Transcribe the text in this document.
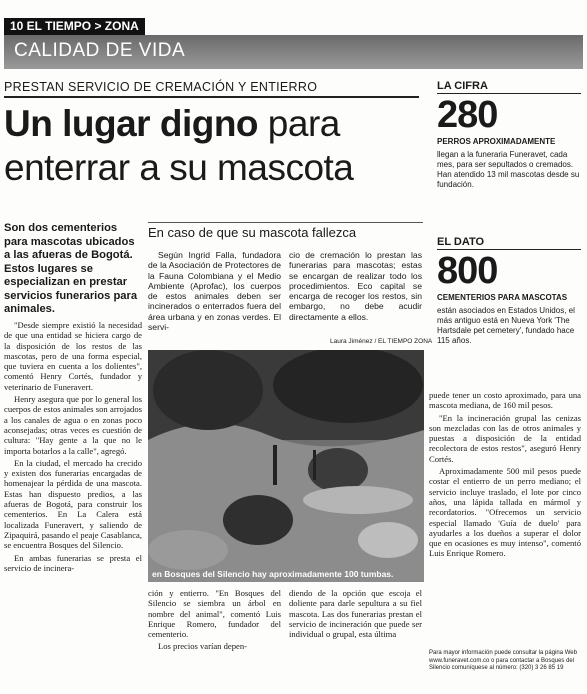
10 EL TIEMPO > ZONA
CALIDAD DE VIDA
PRESTAN SERVICIO DE CREMACIÓN Y ENTIERRO
Un lugar digno para
enterrar a su mascota
Son dos cementerios para mascotas ubicados a las afueras de Bogotá. Estos lugares se especializan en prestar servicios funerarios para animales.
En caso de que su mascota fallezca

"Desde siempre existió la necesidad de que una entidad se hiciera cargo de la disposición de los restos de las mascotas, pero de una forma especial, que tuviera en cuenta a los dolientes", comentó Henry Cortés, fundador y veterinario de Funeravert.

Henry asegura que por lo general los cuerpos de estos animales son arrojados a los canales de agua o en zonas poco aconsejadas; otras veces es cuestión de cultura: "Hay gente a la que no le importa botarlos a la calle", agregó.

En la ciudad, el mercado ha crecido y existen dos funerarias encargadas de homenajear la pérdida de una mascota. Estas han dispuesto predios, a las afueras de Bogotá, para construir los cementerios. En La Calera está localizada Funeravert, y saliendo de Zipaquirá, pasando el peaje Casablanca, se encuentra Bosques del Silencio.

En ambas funerarias se presta el servicio de incinera-

Según Ingrid Falla, fundadora de la Asociación de Protectores de la Fauna Colombiana y el Medio Ambiente (Aprofac), los cuerpos de estos animales deben ser incinerados o enterrados fuera del área urbana y en zonas verdes. El servi-

cio de cremación lo prestan las funerarias para mascotas; estas se encargan de realizar todo los procedimientos. Eco capital se encarga de recoger los restos, sin embargo, no debe acudir directamente a ellos.

Laura Jiménez / EL TIEMPO ZONA
en Bosques del Silencio hay aproximadamente 100 tumbas.

ción y entierro. "En Bosques del Silencio se siembra un árbol en nombre del animal", comentó Luis Enrique Romero, fundador del cementerio.

Los precios varían depen-

diendo de la opción que escoja el doliente para darle sepultura a su fiel mascota. Las dos funerarias prestan el servicio de incineración que puede ser individual o grupal, esta última

LA CIFRA
280
PERROS APROXIMADAMENTE
llegan a la funeraria Funeravet, cada mes, para ser sepultados o cremados. Han atendido 13 mil mascotas desde su fundación.
EL DATO
800
CEMENTERIOS PARA MASCOTAS
están asociados en Estados Unidos, el más antiguo está en Nueva York 'The Hartsdale pet cemetery', fundado hace 115 años.

puede tener un costo aproximado, para una mascota mediana, de 160 mil pesos.

"En la incineración grupal las cenizas son mezcladas con las de otros animales y puestas a disposición de la entidad recolectora de estos restos", aseguró Henry Cortés.

Aproximadamente 500 mil pesos puede costar el entierro de un perro mediano; el servicio incluye traslado, el lote por cinco años, una lápida tallada en mármol y recordatorios. "Ofrecemos un servicio especial llamado 'Guía de duelo' para ayudarles a los dueños a superar el dolor que en ocasiones es muy intenso", comentó Luis Enrique Romero.

Para mayor información puede consultar la página Web www.funeravet.com.co o para contactar a Bosques del Silencio comuníquese al número: (320) 3 26 85 19
